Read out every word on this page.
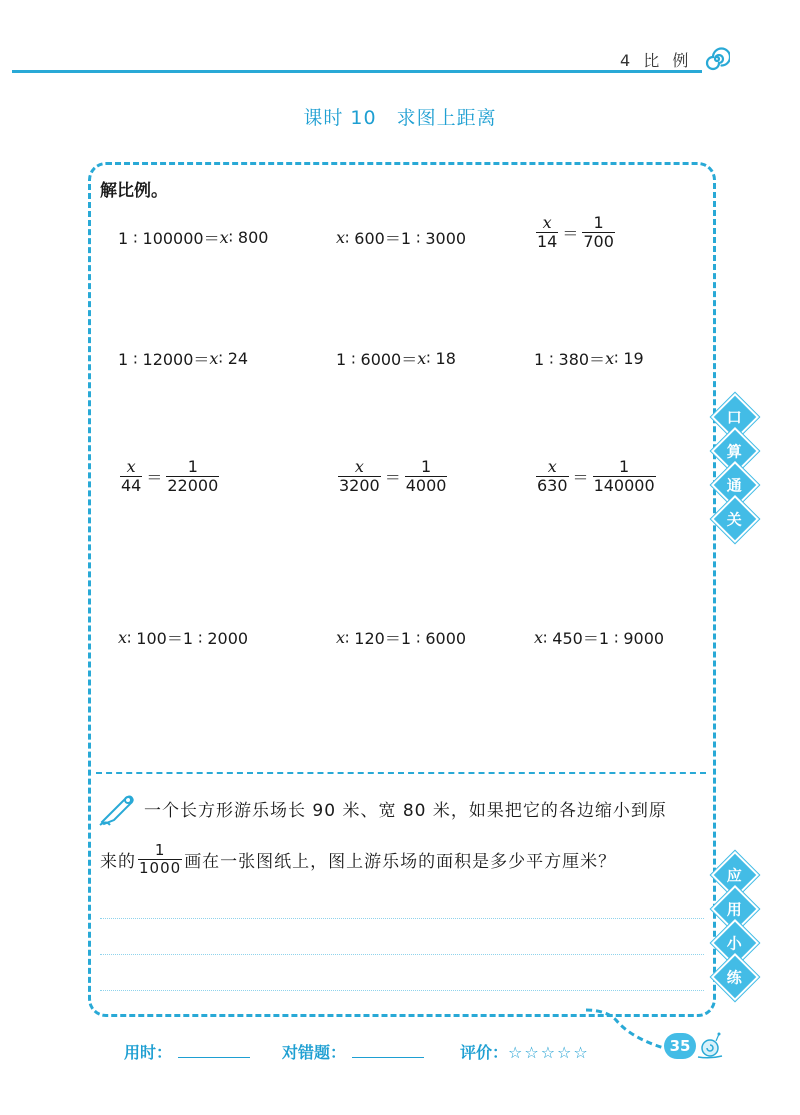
4 比 例
课时 10　求图上距离
解比例。
1 ∶ 100000＝ x ∶ 800	x ∶ 600＝1 ∶ 3000	$\frac{x}{14} = \frac{1}{700}$
1 ∶ 12000＝ x ∶ 24	1 ∶ 6000＝ x ∶ 18	1 ∶ 380＝ x ∶ 19
$\frac{x}{44} = \frac{1}{22000}$	$\frac{x}{3200} = \frac{1}{4000}$	$\frac{x}{630} = \frac{1}{140000}$
x ∶ 100＝1 ∶ 2000	x ∶ 120＝1 ∶ 6000	x ∶ 450＝1 ∶ 9000
口
算
通
关
一个长方形游乐场长 90 米、宽 80 米，如果把它的各边缩小到原
来的 $\frac{1}{1000}$ 画在一张图纸上，图上游乐场的面积是多少平方厘米？
应
用
小
练
用时：	对错题：	评价：☆☆☆☆☆	35
